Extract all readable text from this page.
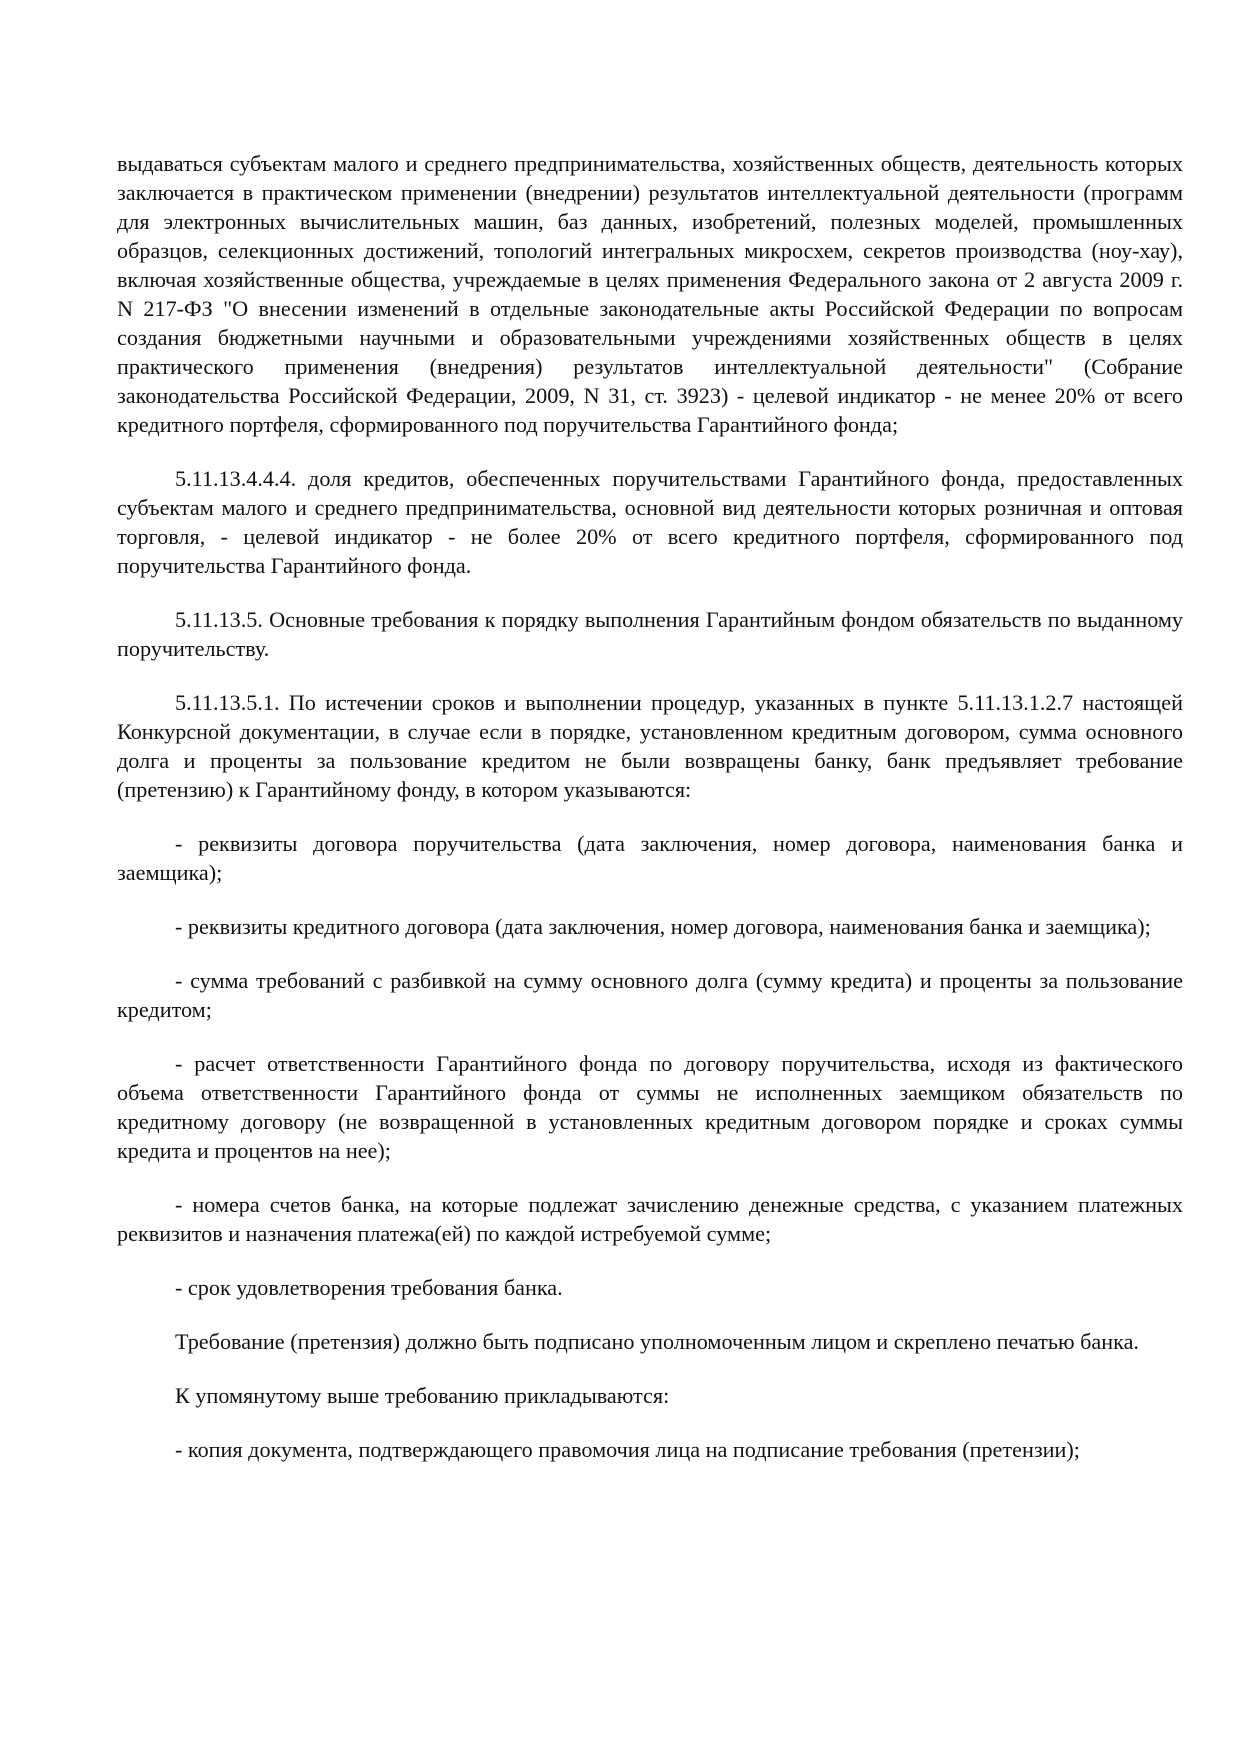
выдаваться субъектам малого и среднего предпринимательства, хозяйственных обществ, деятельность которых заключается в практическом применении (внедрении) результатов интеллектуальной деятельности (программ для электронных вычислительных машин, баз данных, изобретений, полезных моделей, промышленных образцов, селекционных достижений, топологий интегральных микросхем, секретов производства (ноу-хау), включая хозяйственные общества, учреждаемые в целях применения Федерального закона от 2 августа 2009 г. N 217-ФЗ "О внесении изменений в отдельные законодательные акты Российской Федерации по вопросам создания бюджетными научными и образовательными учреждениями хозяйственных обществ в целях практического применения (внедрения) результатов интеллектуальной деятельности" (Собрание законодательства Российской Федерации, 2009, N 31, ст. 3923) - целевой индикатор - не менее 20% от всего кредитного портфеля, сформированного под поручительства Гарантийного фонда;

5.11.13.4.4.4. доля кредитов, обеспеченных поручительствами Гарантийного фонда, предоставленных субъектам малого и среднего предпринимательства, основной вид деятельности которых розничная и оптовая торговля, - целевой индикатор - не более 20% от всего кредитного портфеля, сформированного под поручительства Гарантийного фонда.

5.11.13.5. Основные требования к порядку выполнения Гарантийным фондом обязательств по выданному поручительству.

5.11.13.5.1. По истечении сроков и выполнении процедур, указанных в пункте 5.11.13.1.2.7 настоящей Конкурсной документации, в случае если в порядке, установленном кредитным договором, сумма основного долга и проценты за пользование кредитом не были возвращены банку, банк предъявляет требование (претензию) к Гарантийному фонду, в котором указываются:

- реквизиты договора поручительства (дата заключения, номер договора, наименования банка и заемщика);

- реквизиты кредитного договора (дата заключения, номер договора, наименования банка и заемщика);

- сумма требований с разбивкой на сумму основного долга (сумму кредита) и проценты за пользование кредитом;

- расчет ответственности Гарантийного фонда по договору поручительства, исходя из фактического объема ответственности Гарантийного фонда от суммы не исполненных заемщиком обязательств по кредитному договору (не возвращенной в установленных кредитным договором порядке и сроках суммы кредита и процентов на нее);

- номера счетов банка, на которые подлежат зачислению денежные средства, с указанием платежных реквизитов и назначения платежа(ей) по каждой истребуемой сумме;

- срок удовлетворения требования банка.

Требование (претензия) должно быть подписано уполномоченным лицом и скреплено печатью банка.

К упомянутому выше требованию прикладываются:

- копия документа, подтверждающего правомочия лица на подписание требования (претензии);
